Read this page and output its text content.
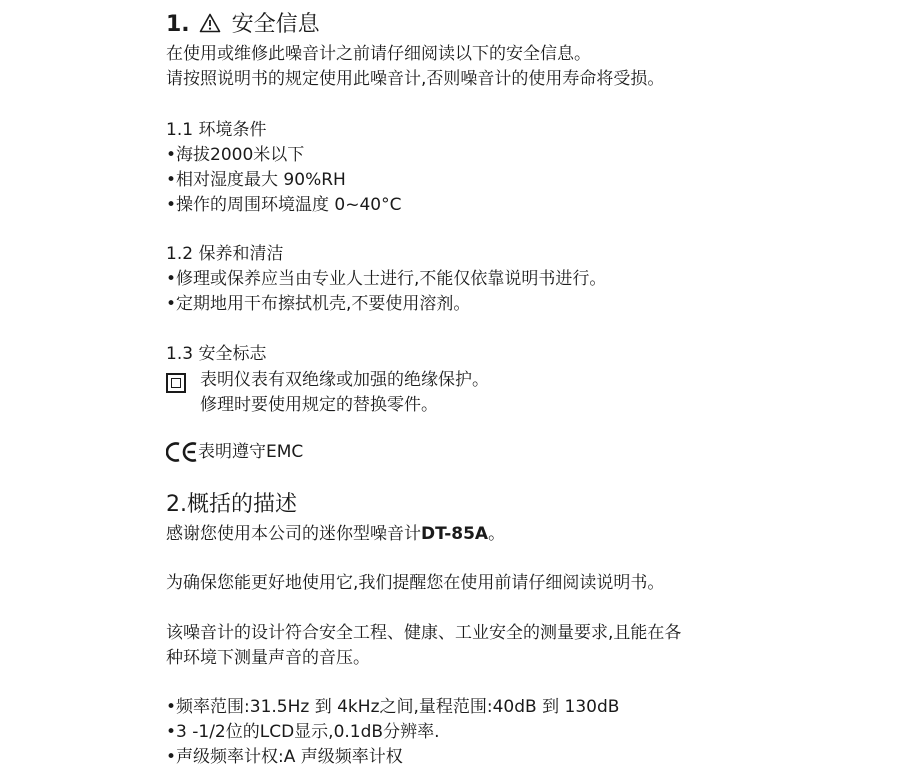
1. 安全信息
在使用或维修此噪音计之前请仔细阅读以下的安全信息。
请按照说明书的规定使用此噪音计,否则噪音计的使用寿命将受损。
1.1 环境条件
•海拔2000米以下
•相对湿度最大 90%RH
•操作的周围环境温度 0~40°C
1.2 保养和清洁
•修理或保养应当由专业人士进行,不能仅依靠说明书进行。
•定期地用干布擦拭机壳,不要使用溶剂。
1.3 安全标志
表明仪表有双绝缘或加强的绝缘保护。
修理时要使用规定的替换零件。
表明遵守EMC
2.概括的描述
感谢您使用本公司的迷你型噪音计DT-85A。
为确保您能更好地使用它,我们提醒您在使用前请仔细阅读说明书。
该噪音计的设计符合安全工程、健康、工业安全的测量要求,且能在各
种环境下测量声音的音压。
•频率范围:31.5Hz 到 4kHz之间,量程范围:40dB 到 130dB
•3 -1/2位的LCD显示,0.1dB分辨率.
•声级频率计权:A 声级频率计权
